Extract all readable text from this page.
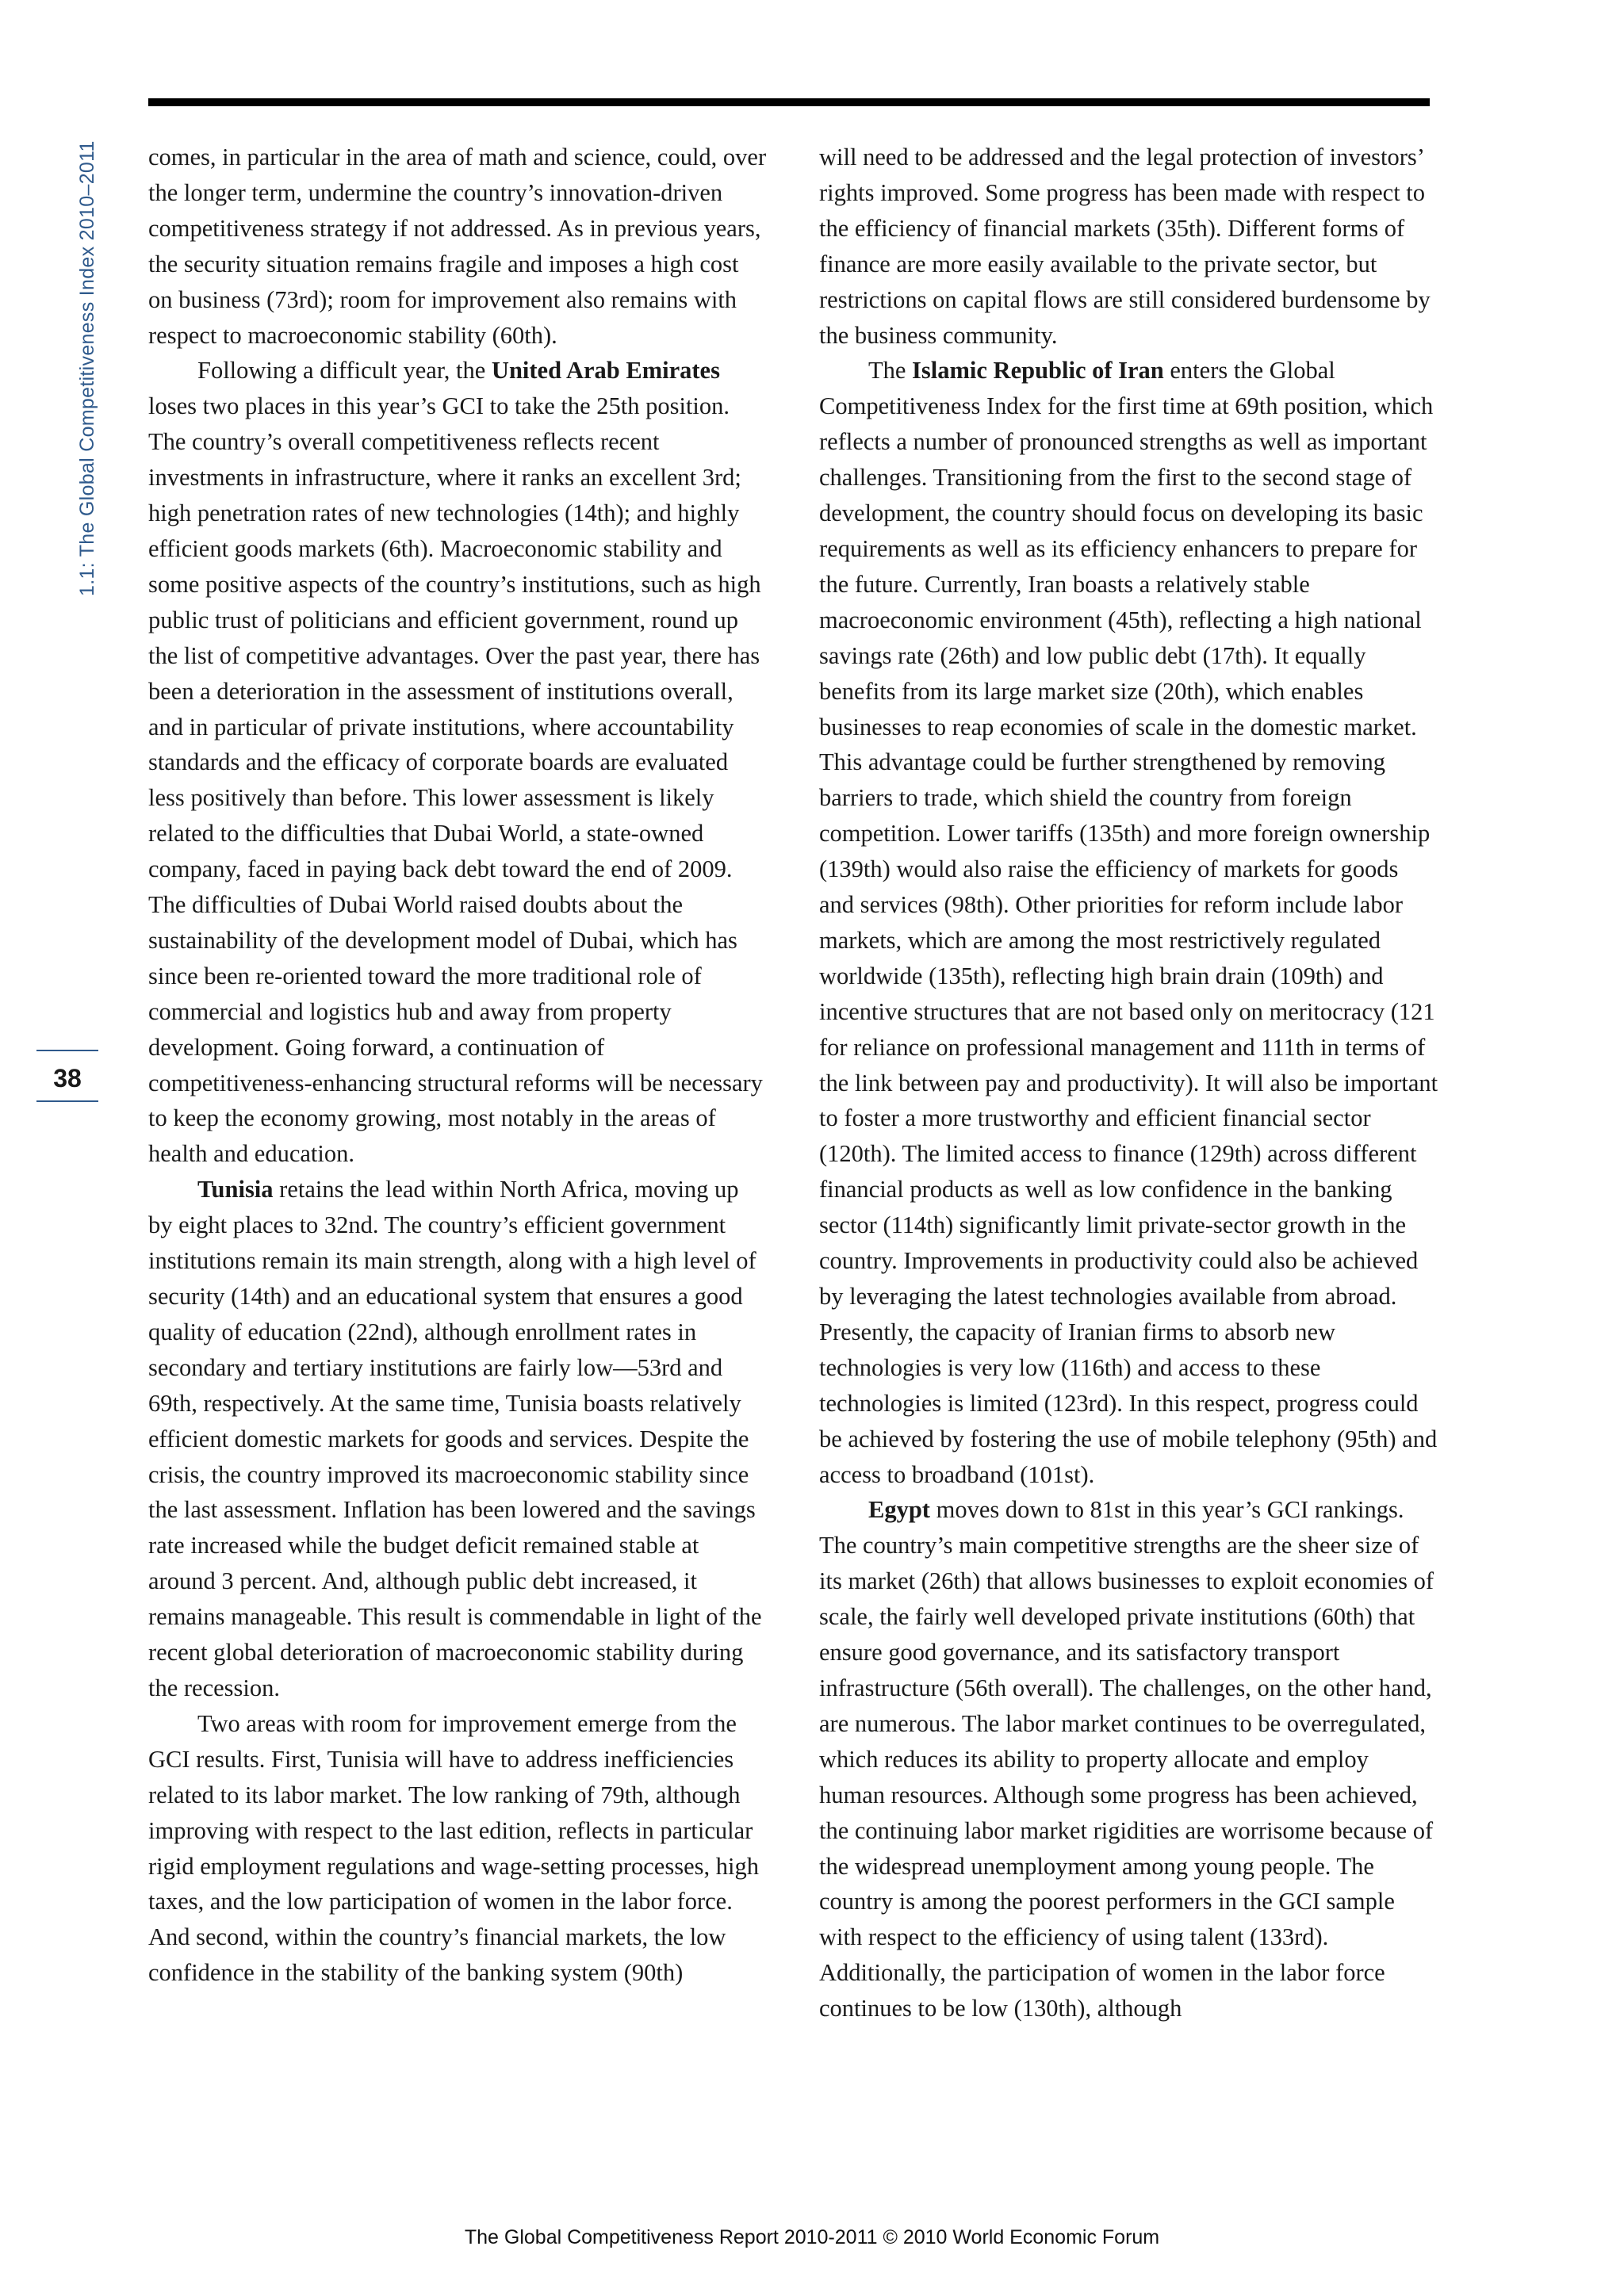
1.1: The Global Competitiveness Index 2010–2011
38

comes, in particular in the area of math and science, could, over the longer term, undermine the country’s innovation-driven competitiveness strategy if not addressed. As in previous years, the security situation remains fragile and imposes a high cost on business (73rd); room for improvement also remains with respect to macroeconomic stability (60th).

Following a difficult year, the United Arab Emirates loses two places in this year’s GCI to take the 25th position. The country’s overall competitiveness reflects recent investments in infrastructure, where it ranks an excellent 3rd; high penetration rates of new technologies (14th); and highly efficient goods markets (6th). Macroeconomic stability and some positive aspects of the country’s institutions, such as high public trust of politicians and efficient government, round up the list of competitive advantages. Over the past year, there has been a deterioration in the assessment of institutions overall, and in particular of private institutions, where accountability standards and the efficacy of corporate boards are evaluated less positively than before. This lower assessment is likely related to the difficulties that Dubai World, a state-owned company, faced in paying back debt toward the end of 2009. The difficulties of Dubai World raised doubts about the sustainability of the development model of Dubai, which has since been re-oriented toward the more traditional role of commercial and logistics hub and away from property development. Going forward, a continuation of competitiveness-enhancing structural reforms will be necessary to keep the economy growing, most notably in the areas of health and education.

Tunisia retains the lead within North Africa, moving up by eight places to 32nd. The country’s efficient government institutions remain its main strength, along with a high level of security (14th) and an educational system that ensures a good quality of education (22nd), although enrollment rates in secondary and tertiary institutions are fairly low—53rd and 69th, respectively. At the same time, Tunisia boasts relatively efficient domestic markets for goods and services. Despite the crisis, the country improved its macroeconomic stability since the last assessment. Inflation has been lowered and the savings rate increased while the budget deficit remained stable at around 3 percent. And, although public debt increased, it remains manageable. This result is commendable in light of the recent global deterioration of macroeconomic stability during the recession.

Two areas with room for improvement emerge from the GCI results. First, Tunisia will have to address inefficiencies related to its labor market. The low ranking of 79th, although improving with respect to the last edition, reflects in particular rigid employment regulations and wage-setting processes, high taxes, and the low participation of women in the labor force. And second, within the country’s financial markets, the low confidence in the stability of the banking system (90th)

will need to be addressed and the legal protection of investors’ rights improved. Some progress has been made with respect to the efficiency of financial markets (35th). Different forms of finance are more easily available to the private sector, but restrictions on capital flows are still considered burdensome by the business community.

The Islamic Republic of Iran enters the Global Competitiveness Index for the first time at 69th position, which reflects a number of pronounced strengths as well as important challenges. Transitioning from the first to the second stage of development, the country should focus on developing its basic requirements as well as its efficiency enhancers to prepare for the future. Currently, Iran boasts a relatively stable macroeconomic environment (45th), reflecting a high national savings rate (26th) and low public debt (17th). It equally benefits from its large market size (20th), which enables businesses to reap economies of scale in the domestic market. This advantage could be further strengthened by removing barriers to trade, which shield the country from foreign competition. Lower tariffs (135th) and more foreign ownership (139th) would also raise the efficiency of markets for goods and services (98th). Other priorities for reform include labor markets, which are among the most restrictively regulated worldwide (135th), reflecting high brain drain (109th) and incentive structures that are not based only on meritocracy (121 for reliance on professional management and 111th in terms of the link between pay and productivity). It will also be important to foster a more trustworthy and efficient financial sector (120th). The limited access to finance (129th) across different financial products as well as low confidence in the banking sector (114th) significantly limit private-sector growth in the country. Improvements in productivity could also be achieved by leveraging the latest technologies available from abroad. Presently, the capacity of Iranian firms to absorb new technologies is very low (116th) and access to these technologies is limited (123rd). In this respect, progress could be achieved by fostering the use of mobile telephony (95th) and access to broadband (101st).

Egypt moves down to 81st in this year’s GCI rankings. The country’s main competitive strengths are the sheer size of its market (26th) that allows businesses to exploit economies of scale, the fairly well developed private institutions (60th) that ensure good governance, and its satisfactory transport infrastructure (56th overall). The challenges, on the other hand, are numerous. The labor market continues to be overregulated, which reduces its ability to property allocate and employ human resources. Although some progress has been achieved, the continuing labor market rigidities are worrisome because of the widespread unemployment among young people. The country is among the poorest performers in the GCI sample with respect to the efficiency of using talent (133rd). Additionally, the participation of women in the labor force continues to be low (130th), although

The Global Competitiveness Report 2010-2011 © 2010 World Economic Forum
